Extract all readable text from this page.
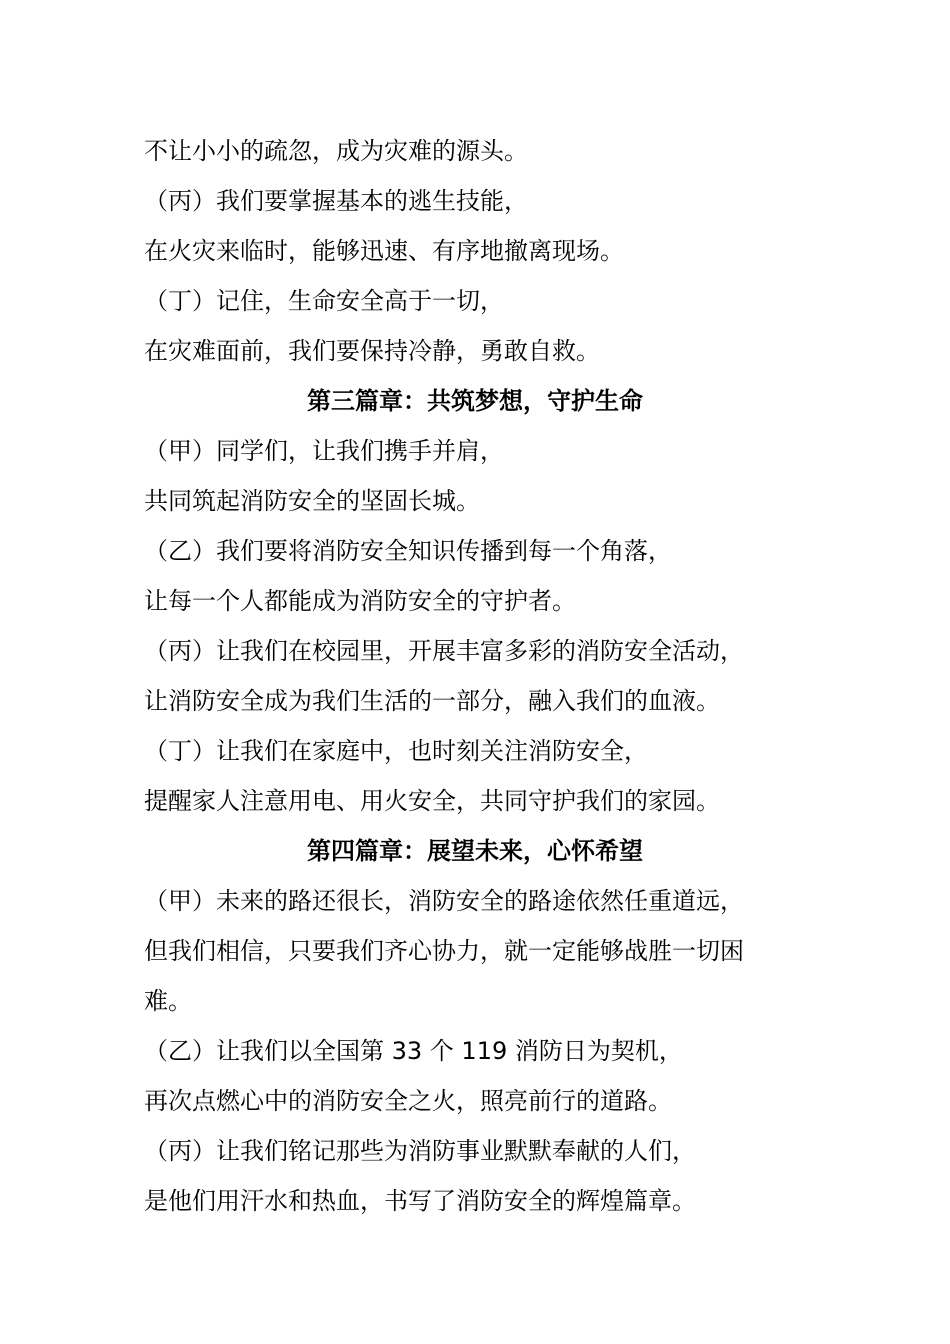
不让小小的疏忽，成为灾难的源头。

（丙）我们要掌握基本的逃生技能，

在火灾来临时，能够迅速、有序地撤离现场。

（丁）记住，生命安全高于一切，

在灾难面前，我们要保持冷静，勇敢自救。

第三篇章：共筑梦想，守护生命

（甲）同学们，让我们携手并肩，

共同筑起消防安全的坚固长城。

（乙）我们要将消防安全知识传播到每一个角落，

让每一个人都能成为消防安全的守护者。

（丙）让我们在校园里，开展丰富多彩的消防安全活动，

让消防安全成为我们生活的一部分，融入我们的血液。

（丁）让我们在家庭中，也时刻关注消防安全，

提醒家人注意用电、用火安全，共同守护我们的家园。

第四篇章：展望未来，心怀希望

（甲）未来的路还很长，消防安全的路途依然任重道远，

但我们相信，只要我们齐心协力，就一定能够战胜一切困

难。

（乙）让我们以全国第 33 个 119 消防日为契机，

再次点燃心中的消防安全之火，照亮前行的道路。

（丙）让我们铭记那些为消防事业默默奉献的人们，

是他们用汗水和热血，书写了消防安全的辉煌篇章。
